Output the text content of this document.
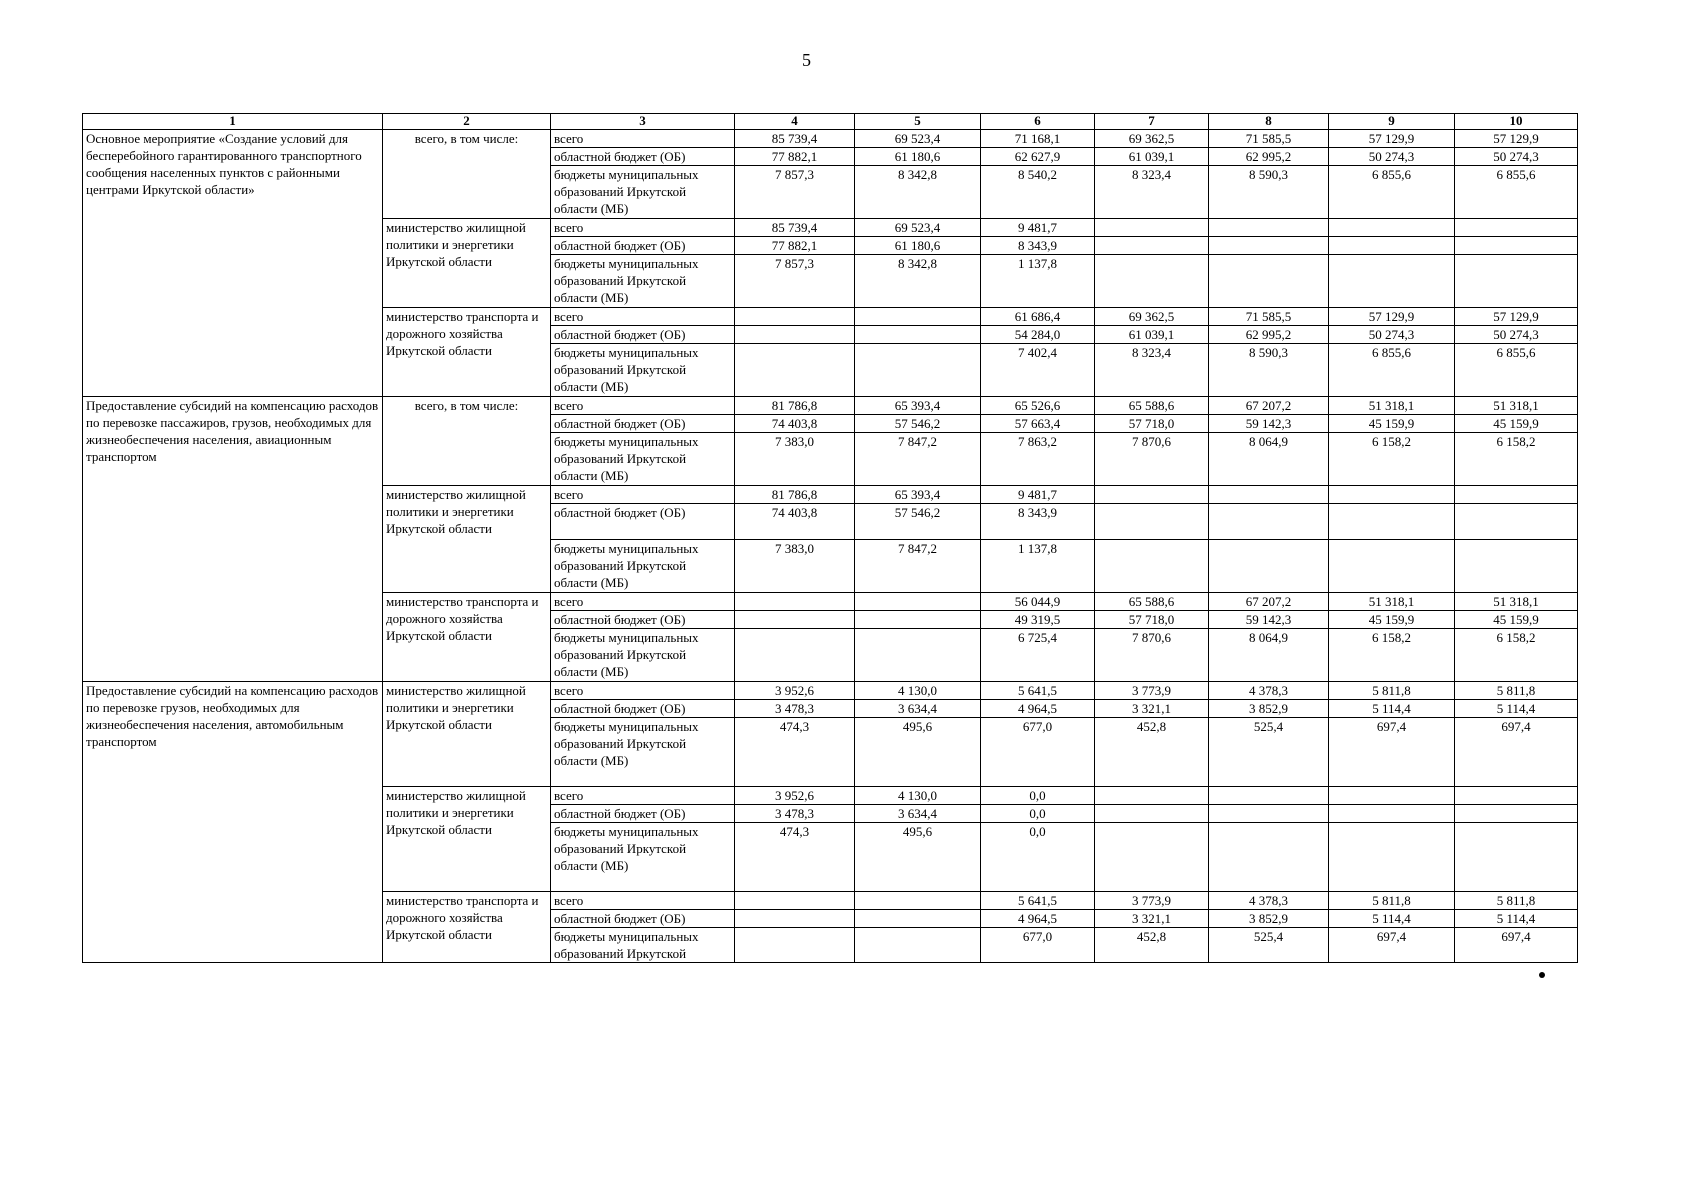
5
1	2	3	4	5	6	7	8	9	10
Основное мероприятие «Создание условий для бесперебойного гарантированного транспортного сообщения населенных пунктов с районными центрами Иркутской области»	всего, в том числе:	всего	85 739,4	69 523,4	71 168,1	69 362,5	71 585,5	57 129,9	57 129,9
		областной бюджет (ОБ)	77 882,1	61 180,6	62 627,9	61 039,1	62 995,2	50 274,3	50 274,3
		бюджеты муниципальных образований Иркутской области (МБ)	7 857,3	8 342,8	8 540,2	8 323,4	8 590,3	6 855,6	6 855,6
	министерство жилищной политики и энергетики Иркутской области	всего	85 739,4	69 523,4	9 481,7				
		областной бюджет (ОБ)	77 882,1	61 180,6	8 343,9				
		бюджеты муниципальных образований Иркутской области (МБ)	7 857,3	8 342,8	1 137,8				
	министерство транспорта и дорожного хозяйства Иркутской области	всего			61 686,4	69 362,5	71 585,5	57 129,9	57 129,9
		областной бюджет (ОБ)			54 284,0	61 039,1	62 995,2	50 274,3	50 274,3
		бюджеты муниципальных образований Иркутской области (МБ)			7 402,4	8 323,4	8 590,3	6 855,6	6 855,6
Предоставление субсидий на компенсацию расходов по перевозке пассажиров, грузов, необходимых для жизнеобеспечения населения, авиационным транспортом	всего, в том числе:	всего	81 786,8	65 393,4	65 526,6	65 588,6	67 207,2	51 318,1	51 318,1
		областной бюджет (ОБ)	74 403,8	57 546,2	57 663,4	57 718,0	59 142,3	45 159,9	45 159,9
		бюджеты муниципальных образований Иркутской области (МБ)	7 383,0	7 847,2	7 863,2	7 870,6	8 064,9	6 158,2	6 158,2
	министерство жилищной политики и энергетики Иркутской области	всего	81 786,8	65 393,4	9 481,7				
		областной бюджет (ОБ)	74 403,8	57 546,2	8 343,9				
		бюджеты муниципальных образований Иркутской области (МБ)	7 383,0	7 847,2	1 137,8				
	министерство транспорта и дорожного хозяйства Иркутской области	всего			56 044,9	65 588,6	67 207,2	51 318,1	51 318,1
		областной бюджет (ОБ)			49 319,5	57 718,0	59 142,3	45 159,9	45 159,9
		бюджеты муниципальных образований Иркутской области (МБ)			6 725,4	7 870,6	8 064,9	6 158,2	6 158,2
Предоставление субсидий на компенсацию расходов по перевозке грузов, необходимых для жизнеобеспечения населения, автомобильным транспортом	министерство жилищной политики и энергетики Иркутской области	всего	3 952,6	4 130,0	5 641,5	3 773,9	4 378,3	5 811,8	5 811,8
		областной бюджет (ОБ)	3 478,3	3 634,4	4 964,5	3 321,1	3 852,9	5 114,4	5 114,4
		бюджеты муниципальных образований Иркутской области (МБ)	474,3	495,6	677,0	452,8	525,4	697,4	697,4
	министерство жилищной политики и энергетики Иркутской области	всего	3 952,6	4 130,0	0,0				
		областной бюджет (ОБ)	3 478,3	3 634,4	0,0				
		бюджеты муниципальных образований Иркутской области (МБ)	474,3	495,6	0,0				
	министерство транспорта и дорожного хозяйства Иркутской области	всего			5 641,5	3 773,9	4 378,3	5 811,8	5 811,8
		областной бюджет (ОБ)			4 964,5	3 321,1	3 852,9	5 114,4	5 114,4
		бюджеты муниципальных образований Иркутской			677,0	452,8	525,4	697,4	697,4
